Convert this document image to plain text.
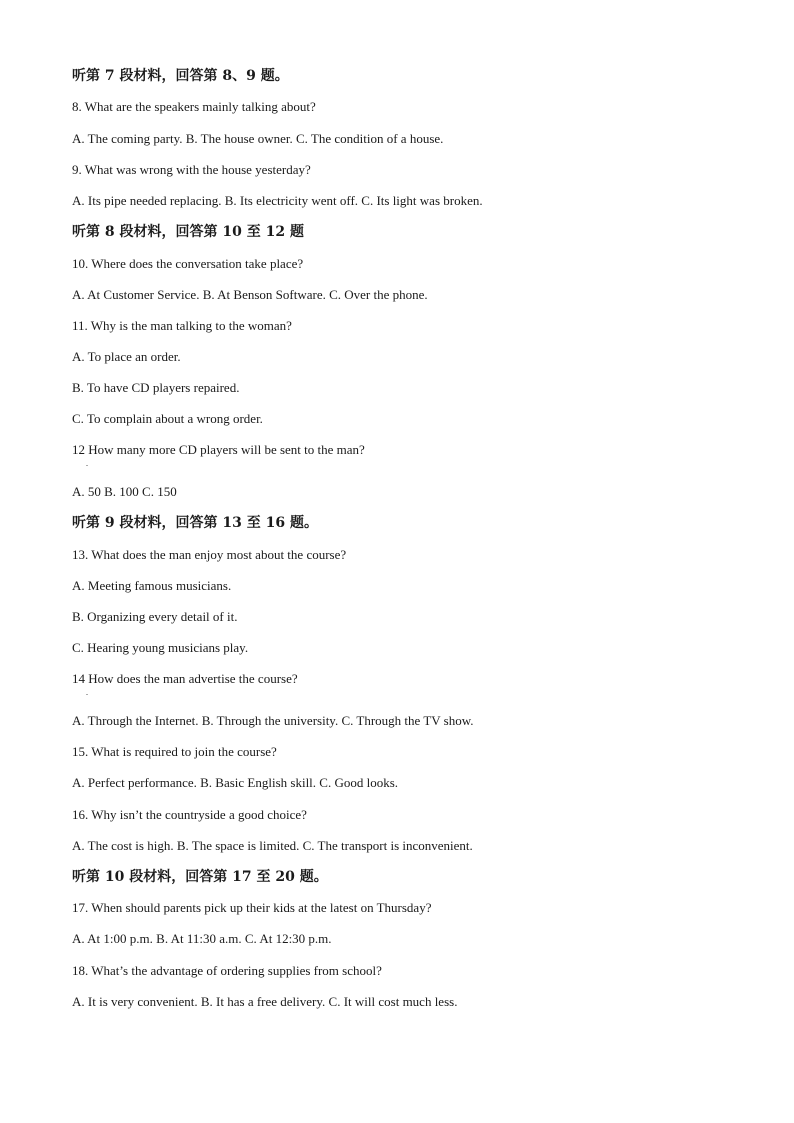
听第 7 段材料，回答第 8、9 题。
8. What are the speakers mainly talking about?
A. The coming party. B. The house owner. C. The condition of a house.
9. What was wrong with the house yesterday?
A. Its pipe needed replacing. B. Its electricity went off. C. Its light was broken.
听第 8 段材料，回答第 10 至 12 题
10. Where does the conversation take place?
A. At Customer Service. B. At Benson Software. C. Over the phone.
11. Why is the man talking to the woman?
A. To place an order.
B. To have CD players repaired.
C. To complain about a wrong order.
12 How many more CD players will be sent to the man?
.
A. 50 B. 100 C. 150
听第 9 段材料，回答第 13 至 16 题。
13. What does the man enjoy most about the course?
A. Meeting famous musicians.
B. Organizing every detail of it.
C. Hearing young musicians play.
14 How does the man advertise the course?
.
A. Through the Internet. B. Through the university. C. Through the TV show.
15. What is required to join the course?
A. Perfect performance. B. Basic English skill. C. Good looks.
16. Why isn’t the countryside a good choice?
A. The cost is high. B. The space is limited. C. The transport is inconvenient.
听第 10 段材料，回答第 17 至 20 题。
17. When should parents pick up their kids at the latest on Thursday?
A. At 1:00 p.m. B. At 11:30 a.m. C. At 12:30 p.m.
18. What’s the advantage of ordering supplies from school?
A. It is very convenient. B. It has a free delivery. C. It will cost much less.
